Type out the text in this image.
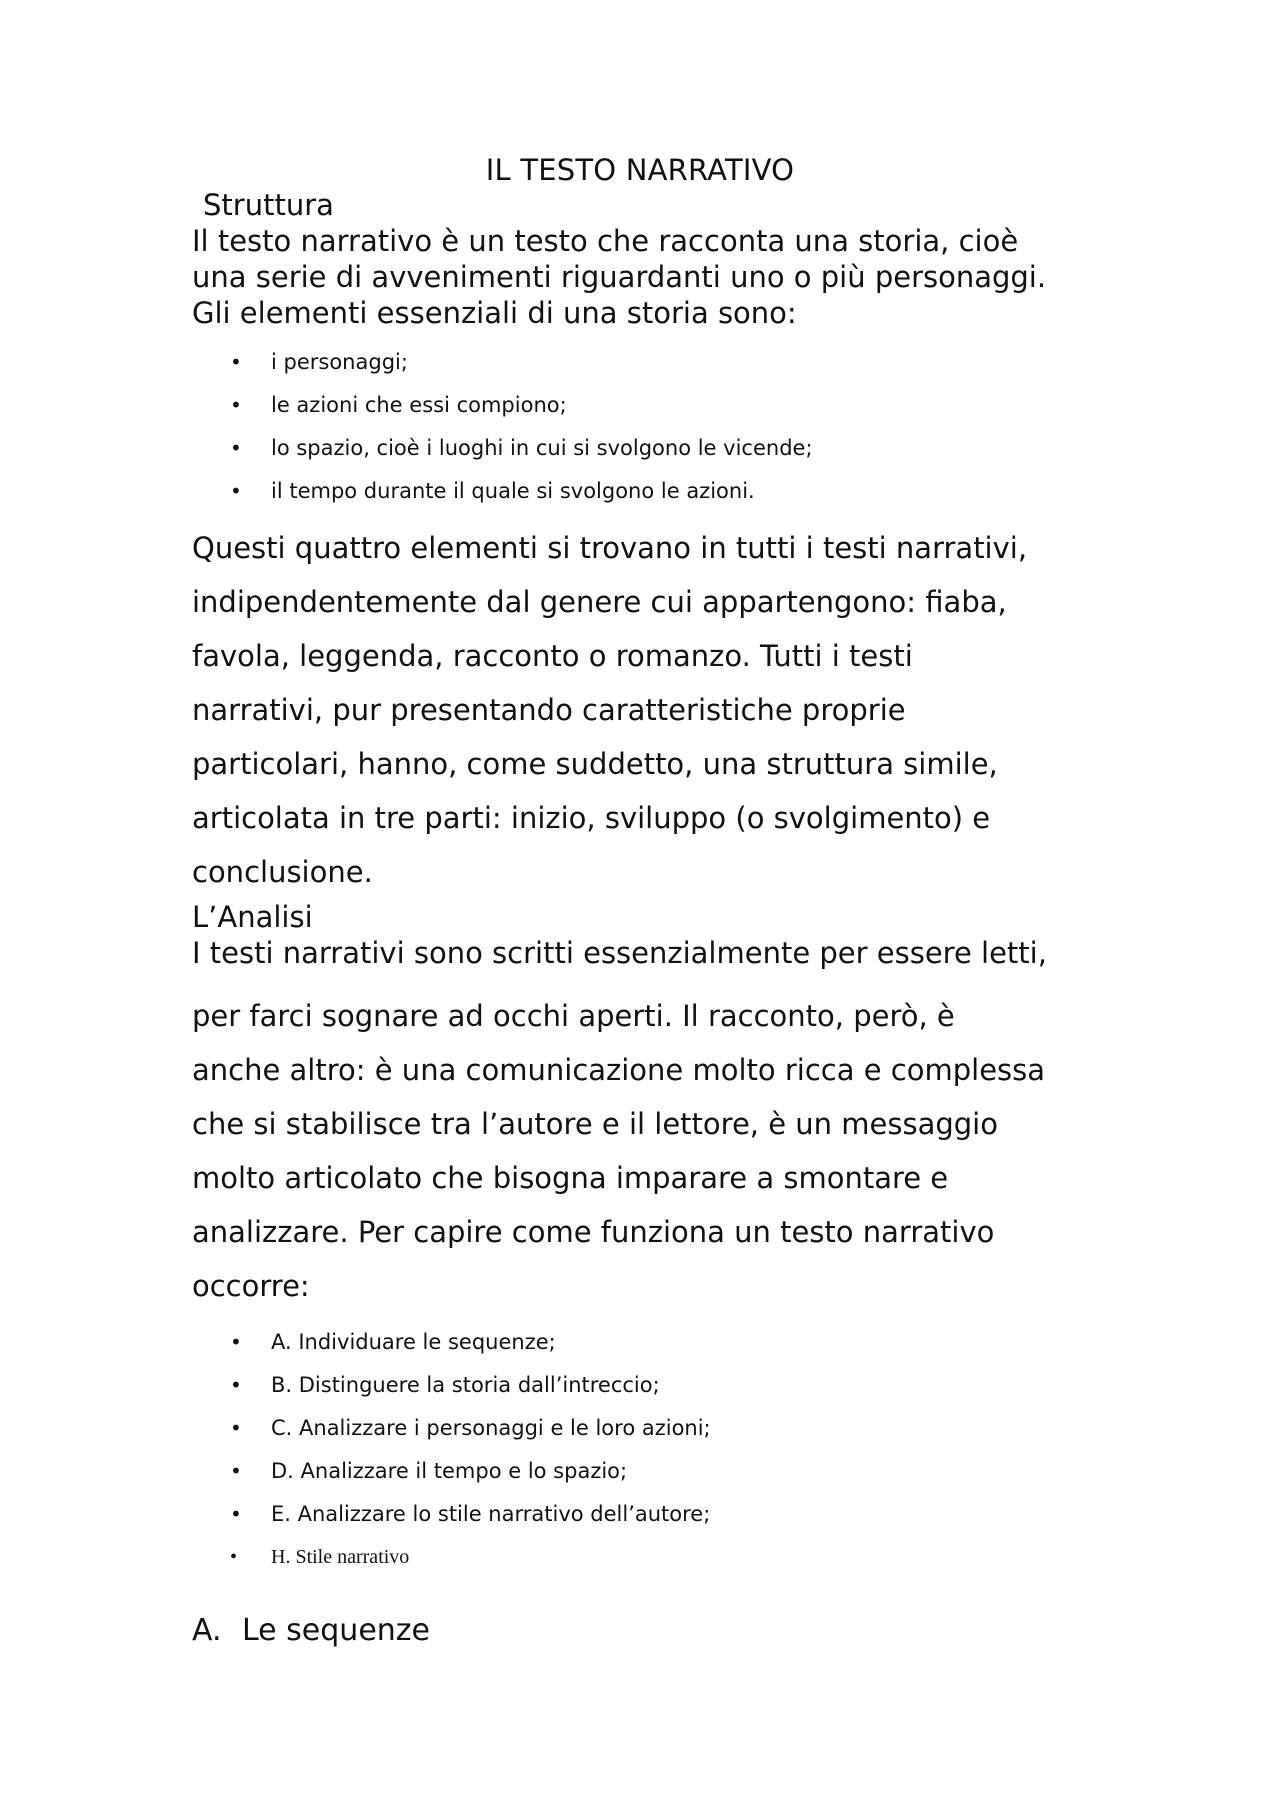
IL TESTO NARRATIVO
Struttura
Il testo narrativo è un testo che racconta una storia, cioè
una serie di avvenimenti riguardanti uno o più personaggi.
Gli elementi essenziali di una storia sono:
• i personaggi;
• le azioni che essi compiono;
• lo spazio, cioè i luoghi in cui si svolgono le vicende;
• il tempo durante il quale si svolgono le azioni.
Questi quattro elementi si trovano in tutti i testi narrativi,
indipendentemente dal genere cui appartengono: fiaba,
favola, leggenda, racconto o romanzo. Tutti i testi
narrativi, pur presentando caratteristiche proprie
particolari, hanno, come suddetto, una struttura simile,
articolata in tre parti: inizio, sviluppo (o svolgimento) e
conclusione.
L’Analisi
I testi narrativi sono scritti essenzialmente per essere letti,
per farci sognare ad occhi aperti. Il racconto, però, è
anche altro: è una comunicazione molto ricca e complessa
che si stabilisce tra l’autore e il lettore, è un messaggio
molto articolato che bisogna imparare a smontare e
analizzare. Per capire come funziona un testo narrativo
occorre:
• A. Individuare le sequenze;
• B. Distinguere la storia dall’intreccio;
• C. Analizzare i personaggi e le loro azioni;
• D. Analizzare il tempo e lo spazio;
• E. Analizzare lo stile narrativo dell’autore;
• H. Stile narrativo
A. Le sequenze
